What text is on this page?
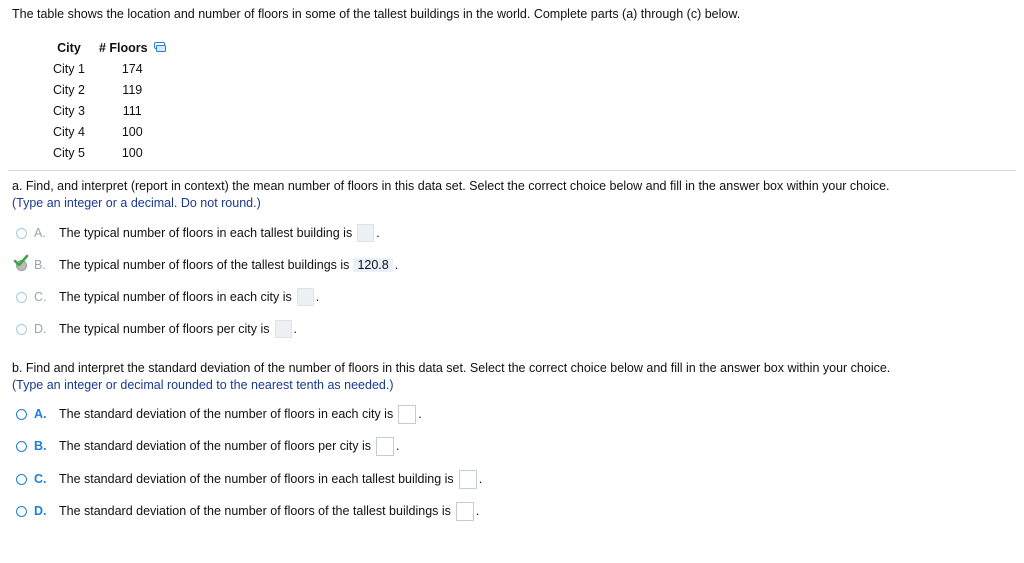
The table shows the location and number of floors in some of the tallest buildings in the world. Complete parts (a) through (c) below.
City	# Floors
City 1	174
City 2	119
City 3	111
City 4	100
City 5	100
a. Find, and interpret (report in context) the mean number of floors in this data set. Select the correct choice below and fill in the answer box within your choice.
(Type an integer or a decimal. Do not round.)
A.	The typical number of floors in each tallest building is .
B.	The typical number of floors of the tallest buildings is 120.8 .
C.	The typical number of floors in each city is .
D.	The typical number of floors per city is .
b. Find and interpret the standard deviation of the number of floors in this data set. Select the correct choice below and fill in the answer box within your choice.
(Type an integer or decimal rounded to the nearest tenth as needed.)
A.	The standard deviation of the number of floors in each city is .
B.	The standard deviation of the number of floors per city is .
C.	The standard deviation of the number of floors in each tallest building is .
D.	The standard deviation of the number of floors of the tallest buildings is .
